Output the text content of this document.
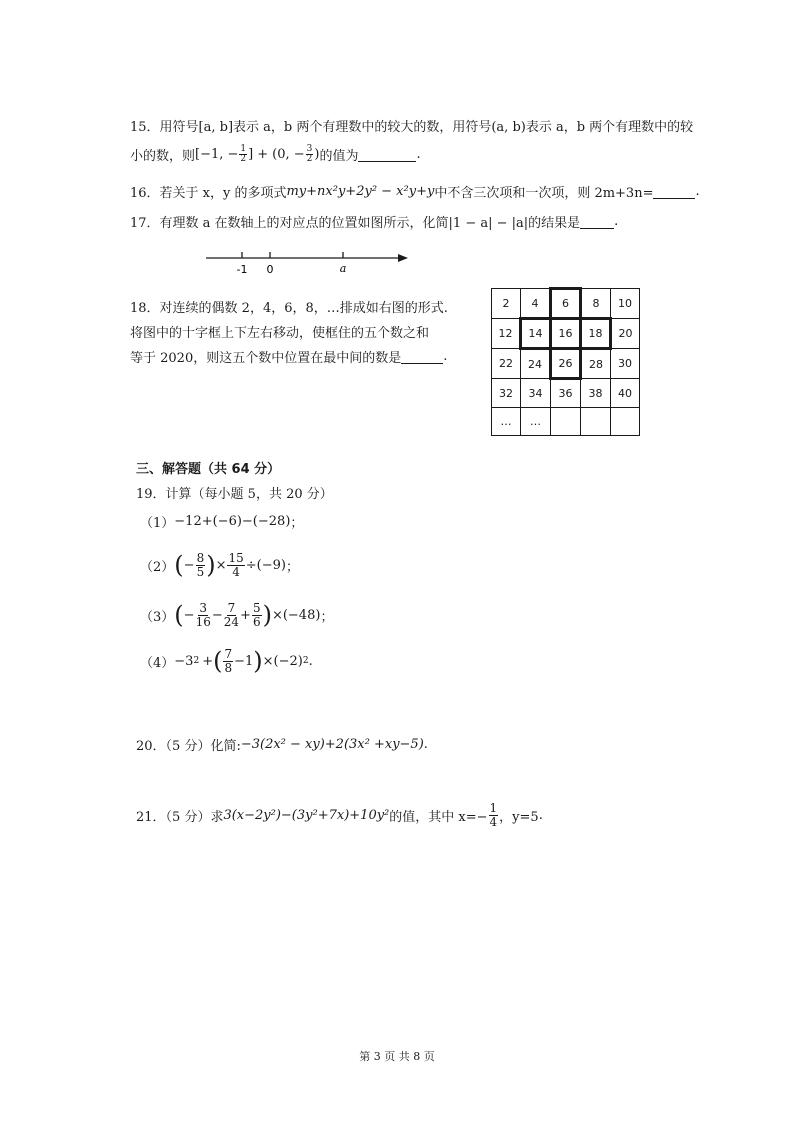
15．用符号[a, b]表示 a，b 两个有理数中的较大的数，用符号(a, b)表示 a，b 两个有理数中的较
小的数，则 [−1, − $\frac{1}{2}$ ] + (0, − $\frac{3}{2}$ ) 的值为	.
16．若关于 x，y 的多项式 my+nx²y+2y² − x²y+y 中不含三次项和一次项，则 2m+3n=	.
17．有理数 a 在数轴上的对应点的位置如图所示，化简|1 − a| − |a|的结果是	.
-1 0	a
18．对连续的偶数 2，4，6，8，…排成如右图的形式.
将图中的十字框上下左右移动，使框住的五个数之和
等于 2020，则这五个数中位置在最中间的数是	.
2	4	6	8	10
12	14	16	18	20
22	24	26	28	30
32	34	36	38	40
…	…			
三、解答题（共 64 分）
19．计算（每小题 5，共 20 分）
（1） −12+(−6)−(−28) ；
（2） ( − $\frac{8}{5}$ ) × $\frac{15}{4} \div(-9)$ ；
（3） ( − $\frac{3}{16} - \frac{7}{24} + \frac{5}{6}$ ) ×(−48) ；
（4） −3 2 + ( $\frac{7}{8} -1$ ) ×(−2) 2 .
20．（5 分）化简: −3(2x² − xy)+2(3x² +xy−5) .
21．（5 分）求 3(x−2y²)−(3y²+7x)+10y² 的值，其中 $x=- \frac{1}{4}$ ，y=5 .
第 3 页 共 8 页
